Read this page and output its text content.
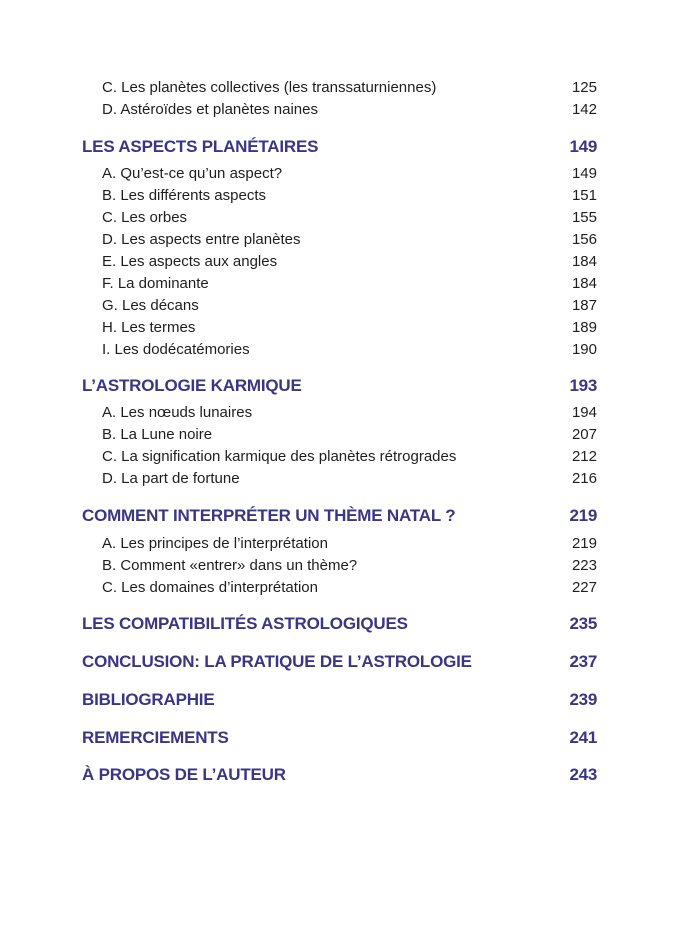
C. Les planètes collectives (les transsaturniennes)	125
D. Astéroïdes et planètes naines	142
LES ASPECTS PLANÉTAIRES	149
A. Qu’est-ce qu’un aspect?	149
B. Les différents aspects	151
C. Les orbes	155
D. Les aspects entre planètes	156
E. Les aspects aux angles	184
F. La dominante	184
G. Les décans	187
H. Les termes	189
I. Les dodécatémories	190
L’ASTROLOGIE KARMIQUE	193
A. Les nœuds lunaires	194
B. La Lune noire	207
C. La signification karmique des planètes rétrogrades	212
D. La part de fortune	216
COMMENT INTERPRÉTER UN THÈME NATAL ?	219
A. Les principes de l’interprétation	219
B. Comment «entrer» dans un thème?	223
C. Les domaines d’interprétation	227
LES COMPATIBILITÉS ASTROLOGIQUES	235
CONCLUSION: LA PRATIQUE DE L’ASTROLOGIE	237
BIBLIOGRAPHIE	239
REMERCIEMENTS	241
À PROPOS DE L’AUTEUR	243
